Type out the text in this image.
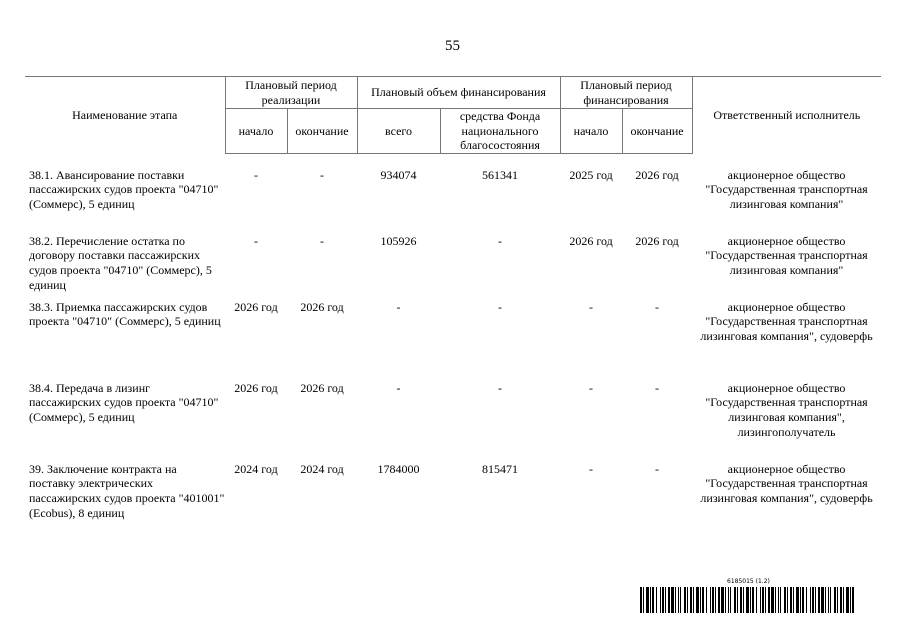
55
Наименование этапа	Плановый период реализации		Плановый объем финансирования		Плановый период финансирования		Ответственный исполнитель
	начало	окончание	всего	средства Фонда национального благосостояния	начало	окончание	

38.1. Авансирование поставки пассажирских судов проекта "04710" (Соммерс), 5 единиц	-	-	934074	561341	2025 год	2026 год	акционерное общество "Государственная транспортная лизинговая компания"
38.2. Перечисление остатка по договору поставки пассажирских судов проекта "04710" (Соммерс), 5 единиц	-	-	105926	-	2026 год	2026 год	акционерное общество "Государственная транспортная лизинговая компания"
38.3. Приемка пассажирских судов проекта "04710" (Соммерс), 5 единиц	2026 год	2026 год	-	-	-	-	акционерное общество "Государственная транспортная лизинговая компания", судоверфь
38.4. Передача в лизинг пассажирских судов проекта "04710" (Соммерс), 5 единиц	2026 год	2026 год	-	-	-	-	акционерное общество "Государственная транспортная лизинговая компания", лизингополучатель
39. Заключение контракта на поставку электрических пассажирских судов проекта "401001" (Ecobus), 8 единиц	2024 год	2024 год	1784000	815471	-	-	акционерное общество "Государственная транспортная лизинговая компания", судоверфь
6185015 (1.2)
